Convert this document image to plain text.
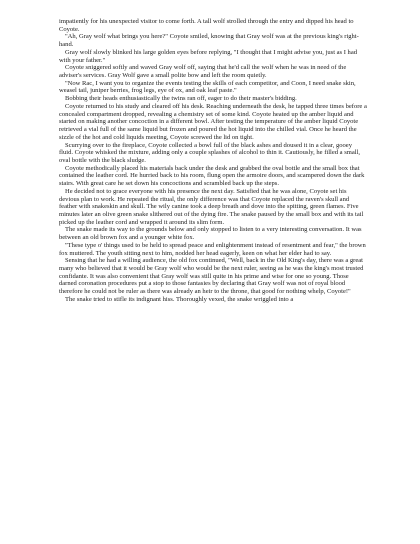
impatiently for his unexpected visitor to come forth. A tall wolf strolled through the entry and dipped his head to Coyote.

"Ah, Gray wolf what brings you here?" Coyote smiled, knowing that Gray wolf was at the previous king's right-hand.

Gray wolf slowly blinked his large golden eyes before replying, "I thought that I might advise you, just as I had with your father."

Coyote sniggered softly and waved Gray wolf off, saying that he'd call the wolf when he was in need of the adviser's services. Gray Wolf gave a small polite bow and left the room quietly.

"Now Rac, I want you to organize the events testing the skills of each competitor, and Coon, I need snake skin, weasel tail, juniper berries, frog legs, eye of ox, and oak leaf paste."

Bobbing their heads enthusiastically the twins ran off, eager to do their master's bidding.

Coyote returned to his study and cleared off his desk. Reaching underneath the desk, he tapped three times before a concealed compartment dropped, revealing a chemistry set of some kind. Coyote heated up the amber liquid and started on making another concoction in a different bowl. After testing the temperature of the amber liquid Coyote retrieved a vial full of the same liquid but frozen and poured the hot liquid into the chilled vial. Once he heard the sizzle of the hot and cold liquids meeting, Coyote screwed the lid on tight.

Scurrying over to the fireplace, Coyote collected a bowl full of the black ashes and doused it in a clear, gooey fluid. Coyote whisked the mixture, adding only a couple splashes of alcohol to thin it. Cautiously, he filled a small, oval bottle with the black sludge.

Coyote methodically placed his materials back under the desk and grabbed the oval bottle and the small box that contained the leather cord. He hurried back to his room, flung open the armoire doors, and scampered down the dark stairs. With great care he set down his concoctions and scrambled back up the steps.

He decided not to grace everyone with his presence the next day. Satisfied that he was alone, Coyote set his devious plan to work. He repeated the ritual, the only difference was that Coyote replaced the raven's skull and feather with snakeskin and skull. The wily canine took a deep breath and dove into the spitting, green flames. Five minutes later an olive green snake slithered out of the dying fire. The snake paused by the small box and with its tail picked up the leather cord and wrapped it around its slim form.

The snake made its way to the grounds below and only stopped to listen to a very interesting conversation. It was between an old brown fox and a younger white fox.

"These type o' things used to be held to spread peace and enlightenment instead of resentment and fear," the brown fox muttered. The youth sitting next to him, nodded her head eagerly, keen on what her elder had to say.

Sensing that he had a willing audience, the old fox continued, "Well, back in the Old King's day, there was a great many who believed that it would be Gray wolf who would be the next ruler, seeing as he was the king's most trusted confidante. It was also convenient that Gray wolf was still quite in his prime and wise for one so young. Those darned coronation procedures put a stop to those fantasies by declaring that Gray wolf was not of royal blood therefore he could not be ruler as there was already an heir to the throne, that good for nothing whelp, Coyote!"

The snake tried to stifle its indignant hiss. Thoroughly vexed, the snake wriggled into a
